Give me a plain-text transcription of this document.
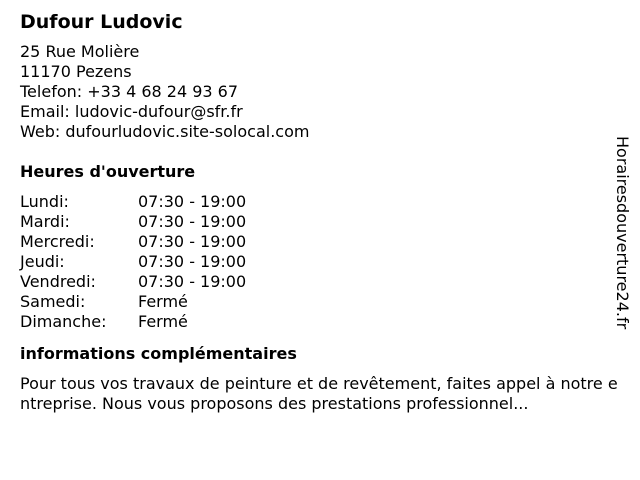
Dufour Ludovic
25 Rue Molière
11170 Pezens
Telefon: +33 4 68 24 93 67
Email: ludovic-dufour@sfr.fr
Web: dufourludovic.site-solocal.com
Heures d'ouverture
Lundi:	07:30 - 19:00
Mardi:	07:30 - 19:00
Mercredi:	07:30 - 19:00
Jeudi:	07:30 - 19:00
Vendredi:	07:30 - 19:00
Samedi:	Fermé
Dimanche:	Fermé
informations complémentaires
Pour tous vos travaux de peinture et de revêtement, faites appel à notre entreprise. Nous vous proposons des prestations professionnel...
Horairesdouverture24.fr
